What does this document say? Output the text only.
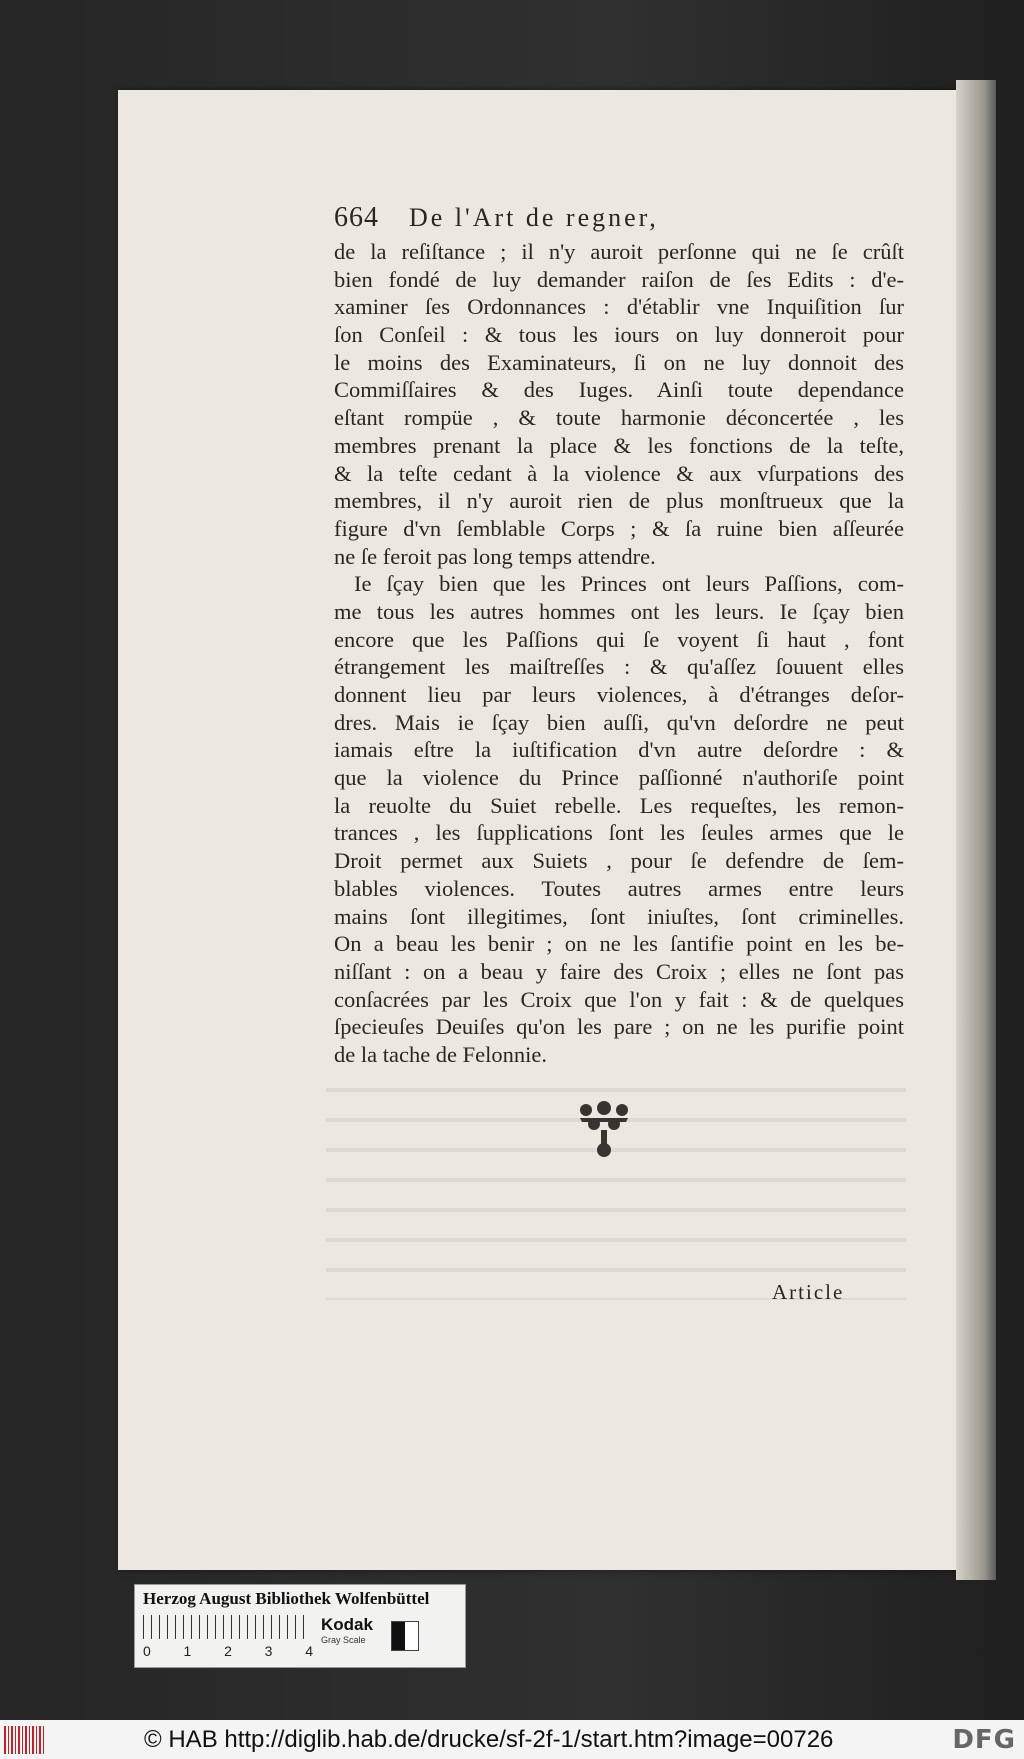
664 De l'Art de regner,
de la reſiſtance ; il n'y auroit perſonne qui ne ſe crûſt
bien fondé de luy demander raiſon de ſes Edits : d'e-
xaminer ſes Ordonnances : d'établir vne Inquiſition ſur
ſon Conſeil : & tous les iours on luy donneroit pour
le moins des Examinateurs, ſi on ne luy donnoit des
Commiſſaires & des Iuges. Ainſi toute dependance
eſtant rompüe , & toute harmonie déconcertée , les
membres prenant la place & les fonctions de la teſte,
& la teſte cedant à la violence & aux vſurpations des
membres, il n'y auroit rien de plus monſtrueux que la
figure d'vn ſemblable Corps ; & ſa ruine bien aſſeurée
ne ſe feroit pas long temps attendre.
Ie ſçay bien que les Princes ont leurs Paſſions, com-
me tous les autres hommes ont les leurs. Ie ſçay bien
encore que les Paſſions qui ſe voyent ſi haut , font
étrangement les maiſtreſſes : & qu'aſſez ſouuent elles
donnent lieu par leurs violences, à d'étranges deſor-
dres. Mais ie ſçay bien auſſi, qu'vn deſordre ne peut
iamais eſtre la iuſtification d'vn autre deſordre : &
que la violence du Prince paſſionné n'authoriſe point
la reuolte du Suiet rebelle. Les requeſtes, les remon-
trances , les ſupplications ſont les ſeules armes que le
Droit permet aux Suiets , pour ſe defendre de ſem-
blables violences. Toutes autres armes entre leurs
mains ſont illegitimes, ſont iniuſtes, ſont criminelles.
On a beau les benir ; on ne les ſantifie point en les be-
niſſant : on a beau y faire des Croix ; elles ne ſont pas
conſacrées par les Croix que l'on y fait : & de quelques
ſpecieuſes Deuiſes qu'on les pare ; on ne les purifie point
de la tache de Felonnie.
Article
Herzog August Bibliothek Wolfenbüttel
0 1 2 3 4
Kodak
Gray Scale
© HAB http://diglib.hab.de/drucke/sf-2f-1/start.htm?image=00726	DFG
